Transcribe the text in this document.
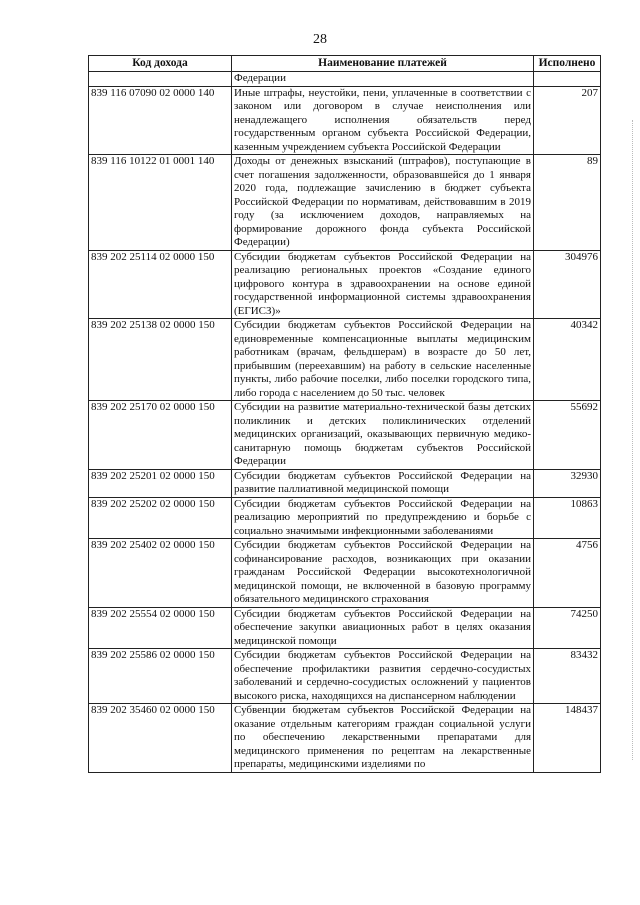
28
Код дохода	Наименование платежей	Исполнено
	Федерации	
839 116 07090 02 0000 140	Иные штрафы, неустойки, пени, уплаченные в соответствии с законом или договором в случае неисполнения или ненадлежащего исполнения обязательств перед государственным органом субъекта Российской Федерации, казенным учреждением субъекта Российской Федерации	207
839 116 10122 01 0001 140	Доходы от денежных взысканий (штрафов), поступающие в счет погашения задолженности, образовавшейся до 1 января 2020 года, подлежащие зачислению в бюджет субъекта Российской Федерации по нормативам, действовавшим в 2019 году (за исключением доходов, направляемых на формирование дорожного фонда субъекта Российской Федерации)	89
839 202 25114 02 0000 150	Субсидии бюджетам субъектов Российской Федерации на реализацию региональных проектов «Создание единого цифрового контура в здравоохранении на основе единой государственной информационной системы здравоохранения (ЕГИСЗ)»	304976
839 202 25138 02 0000 150	Субсидии бюджетам субъектов Российской Федерации на единовременные компенсационные выплаты медицинским работникам (врачам, фельдшерам) в возрасте до 50 лет, прибывшим (переехавшим) на работу в сельские населенные пункты, либо рабочие поселки, либо поселки городского типа, либо города с населением до 50 тыс. человек	40342
839 202 25170 02 0000 150	Субсидии на развитие материально-технической базы детских поликлиник и детских поликлинических отделений медицинских организаций, оказывающих первичную медико-санитарную помощь бюджетам субъектов Российской Федерации	55692
839 202 25201 02 0000 150	Субсидии бюджетам субъектов Российской Федерации на развитие паллиативной медицинской помощи	32930
839 202 25202 02 0000 150	Субсидии бюджетам субъектов Российской Федерации на реализацию мероприятий по предупреждению и борьбе с социально значимыми инфекционными заболеваниями	10863
839 202 25402 02 0000 150	Субсидии бюджетам субъектов Российской Федерации на софинансирование расходов, возникающих при оказании гражданам Российской Федерации высокотехнологичной медицинской помощи, не включенной в базовую программу обязательного медицинского страхования	4756
839 202 25554 02 0000 150	Субсидии бюджетам субъектов Российской Федерации на обеспечение закупки авиационных работ в целях оказания медицинской помощи	74250
839 202 25586 02 0000 150	Субсидии бюджетам субъектов Российской Федерации на обеспечение профилактики развития сердечно-сосудистых заболеваний и сердечно-сосудистых осложнений у пациентов высокого риска, находящихся на диспансерном наблюдении	83432
839 202 35460 02 0000 150	Субвенции бюджетам субъектов Российской Федерации на оказание отдельным категориям граждан социальной услуги по обеспечению лекарственными препаратами для медицинского применения по рецептам на лекарственные препараты, медицинскими изделиями по	148437
